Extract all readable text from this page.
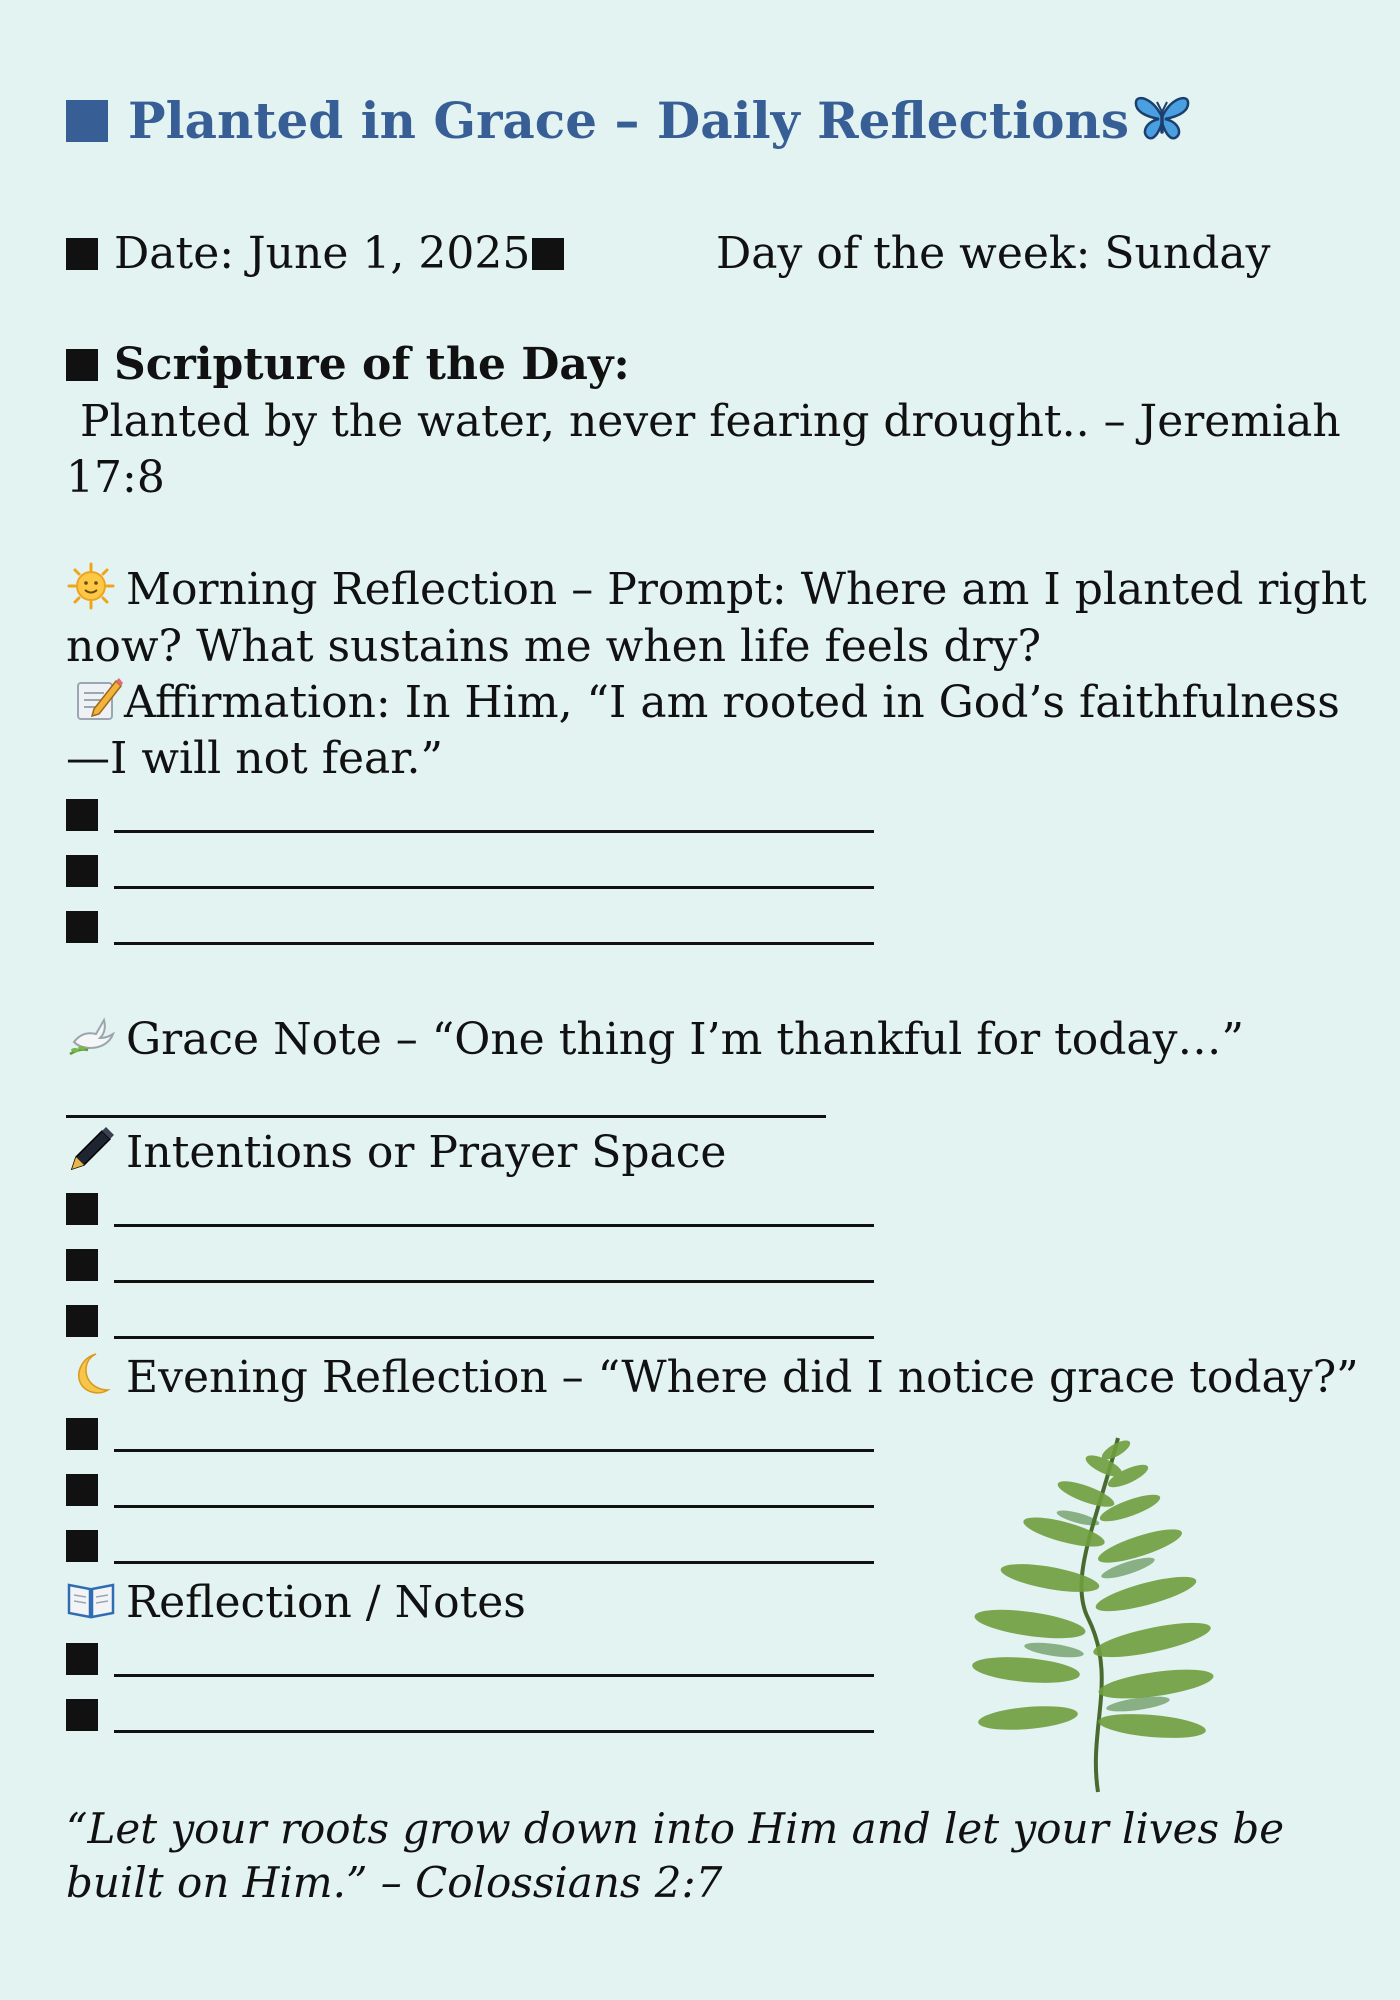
Planted in Grace – Daily Reflections
Date: June 1, 2025	Day of the week: Sunday
Scripture of the Day:
Planted by the water, never fearing drought.. – Jeremiah
17:8
Morning Reflection – Prompt: Where am I planted right
now? What sustains me when life feels dry?
Affirmation: In Him, “I am rooted in God’s faithfulness
—I will not fear.”
Grace Note – “One thing I’m thankful for today…”
Intentions or Prayer Space
Evening Reflection – “Where did I notice grace today?”
Reflection / Notes
“Let your roots grow down into Him and let your lives be built on Him.” – Colossians 2:7
